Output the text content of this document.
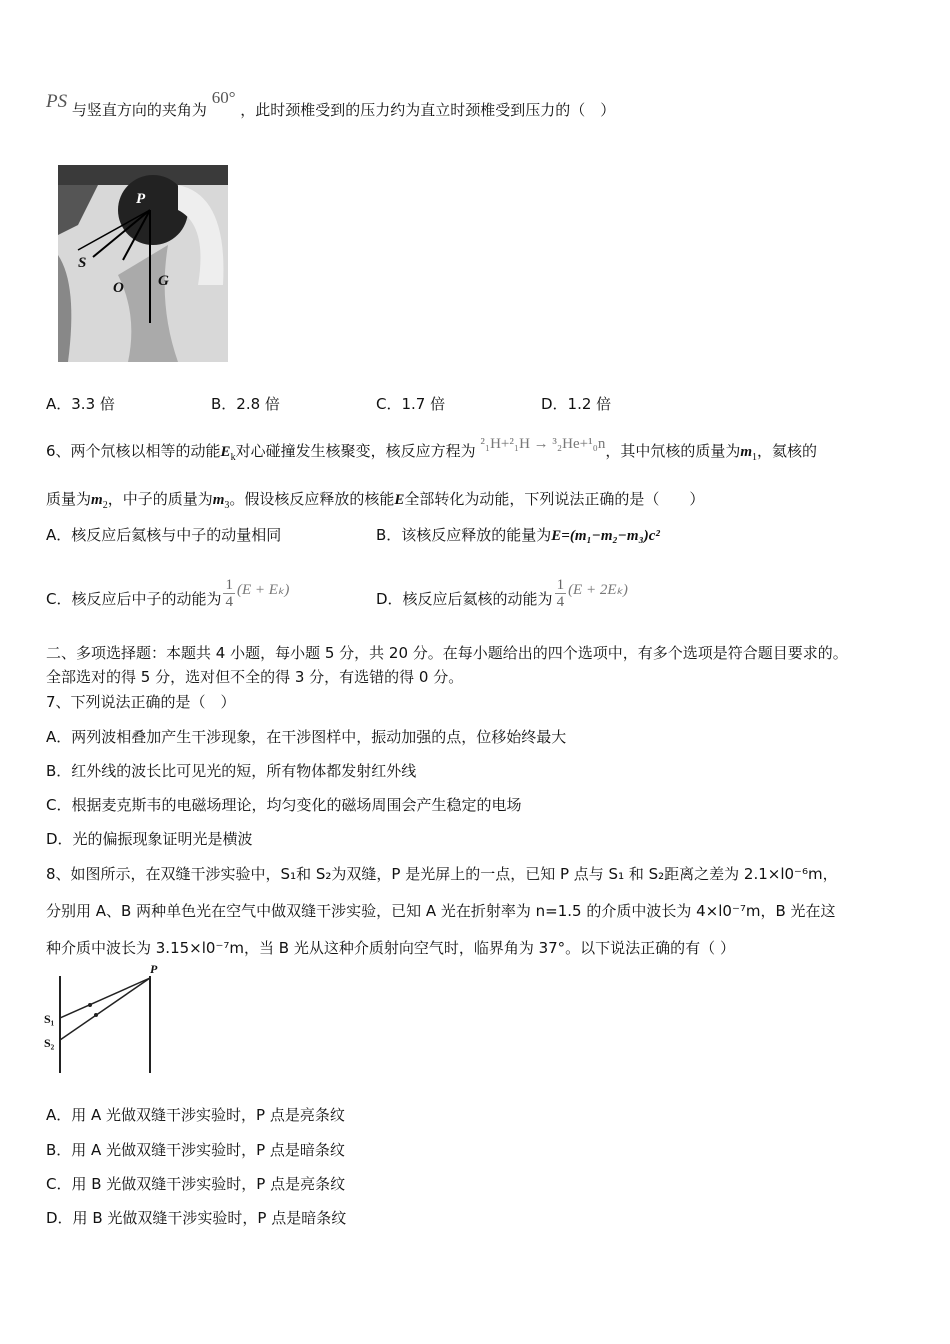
PS 与竖直方向的夹角为 60° ，此时颈椎受到的压力约为直立时颈椎受到压力的（　）
P
S
O G
A．3.3 倍	B．2.8 倍	C．1.7 倍	D．1.2 倍
6、两个氘核以相等的动能$E_k$对心碰撞发生核聚变，核反应方程为 ²₁H+²₁H → ³₂He+¹₀n，其中氘核的质量为$m_1$，氦核的
质量为$m_2$，中子的质量为$m_3$。假设核反应释放的核能E全部转化为动能，下列说法正确的是（　　）
A．核反应后氦核与中子的动量相同	B．该核反应释放的能量为E=(m₁−m₂−m₃)c²
C．核反应后中子的动能为 $\frac{1}{4} (E + E_k)$	D．核反应后氦核的动能为 $\frac{1}{4} (E + 2E_k)$
二、多项选择题：本题共 4 小题，每小题 5 分，共 20 分。在每小题给出的四个选项中，有多个选项是符合题目要求的。
全部选对的得 5 分，选对但不全的得 3 分，有选错的得 0 分。
7、下列说法正确的是（　）
A．两列波相叠加产生干涉现象，在干涉图样中，振动加强的点，位移始终最大
B．红外线的波长比可见光的短，所有物体都发射红外线
C．根据麦克斯韦的电磁场理论，均匀变化的磁场周围会产生稳定的电场
D．光的偏振现象证明光是横波
8、如图所示，在双缝干涉实验中，S₁和 S₂为双缝，P 是光屏上的一点，已知 P 点与 S₁ 和 S₂距离之差为 2.1×l0⁻⁶m，
分别用 A、B 两种单色光在空气中做双缝干涉实验，已知 A 光在折射率为 n=1.5 的介质中波长为 4×l0⁻⁷m，B 光在这
种介质中波长为 3.15×l0⁻⁷m，当 B 光从这种介质射向空气时，临界角为 37°。以下说法正确的有（ ）
P
S₁
S₂
A．用 A 光做双缝干涉实验时，P 点是亮条纹
B．用 A 光做双缝干涉实验时，P 点是暗条纹
C．用 B 光做双缝干涉实验时，P 点是亮条纹
D．用 B 光做双缝干涉实验时，P 点是暗条纹
